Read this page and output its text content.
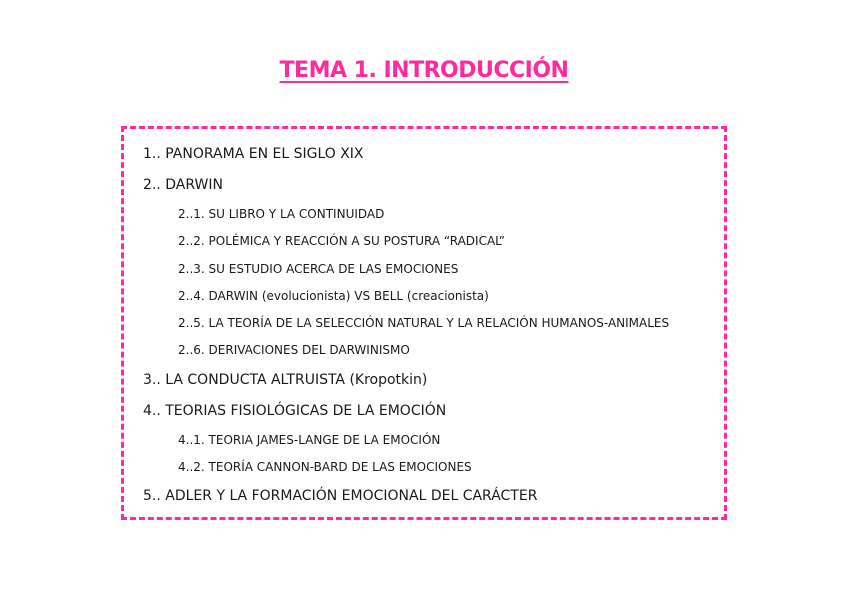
TEMA 1. INTRODUCCIÓN
1.. PANORAMA EN EL SIGLO XIX
2.. DARWIN
2..1. SU LIBRO Y LA CONTINUIDAD
2..2. POLÉMICA Y REACCIÓN A SU POSTURA “RADICAL”
2..3. SU ESTUDIO ACERCA DE LAS EMOCIONES
2..4. DARWIN (evolucionista) VS BELL (creacionista)
2..5. LA TEORÍA DE LA SELECCIÓN NATURAL Y LA RELACIÓN HUMANOS-ANIMALES
2..6. DERIVACIONES DEL DARWINISMO
3.. LA CONDUCTA ALTRUISTA (Kropotkin)
4.. TEORIAS FISIOLÓGICAS DE LA EMOCIÓN
4..1. TEORIA JAMES-LANGE DE LA EMOCIÓN
4..2. TEORÍA CANNON-BARD DE LAS EMOCIONES
5.. ADLER Y LA FORMACIÓN EMOCIONAL DEL CARÁCTER
